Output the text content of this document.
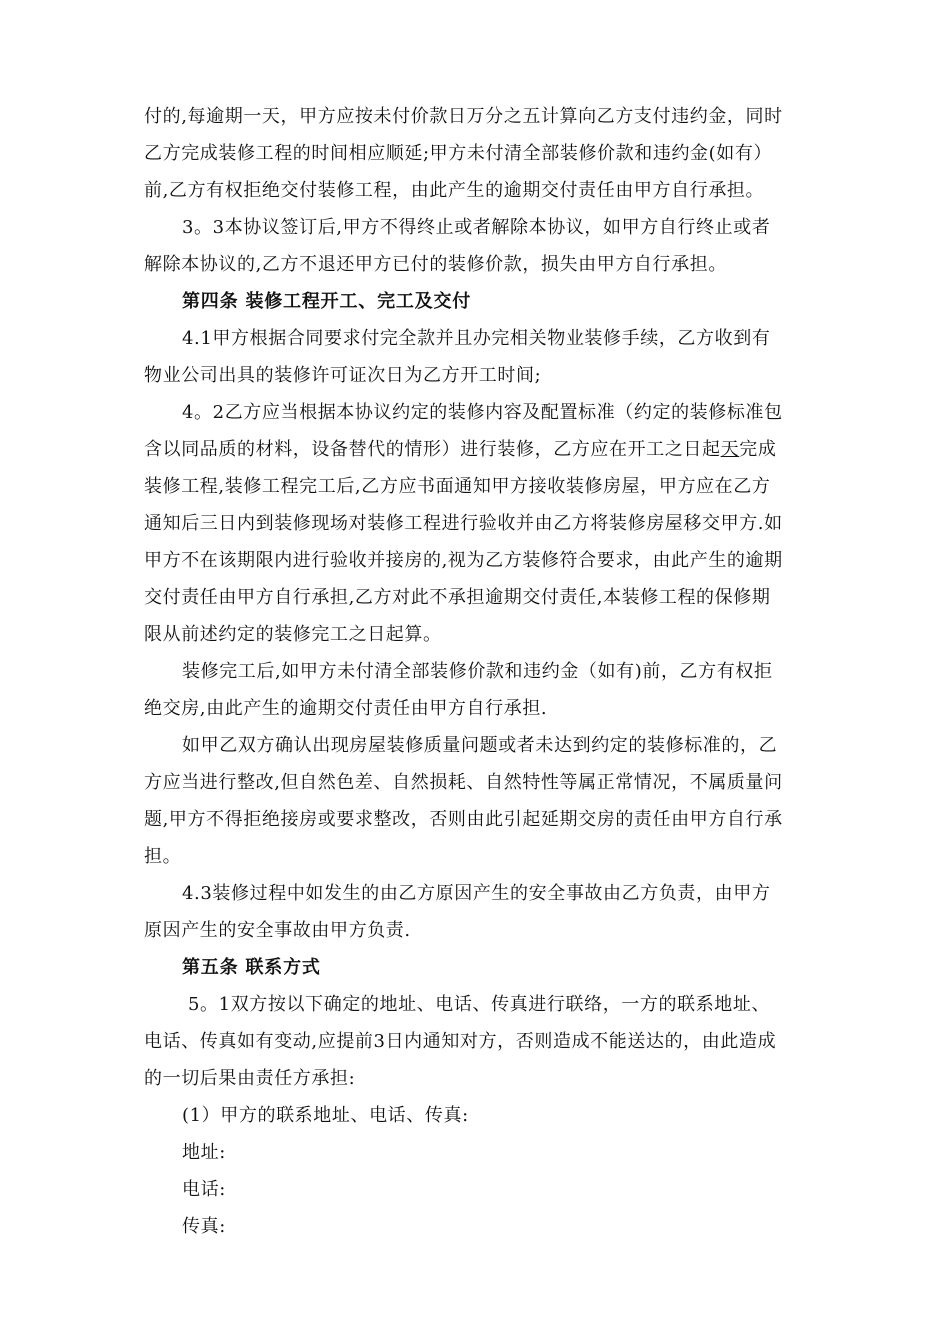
付的,每逾期一天，甲方应按未付价款日万分之五计算向乙方支付违约金，同时
乙方完成装修工程的时间相应顺延;甲方未付清全部装修价款和违约金(如有）
前,乙方有权拒绝交付装修工程，由此产生的逾期交付责任由甲方自行承担。
3。3本协议签订后,甲方不得终止或者解除本协议，如甲方自行终止或者
解除本协议的,乙方不退还甲方已付的装修价款，损失由甲方自行承担。
第四条 装修工程开工、完工及交付
4.1甲方根据合同要求付完全款并且办完相关物业装修手续，乙方收到有
物业公司出具的装修许可证次日为乙方开工时间;
4。2乙方应当根据本协议约定的装修内容及配置标准（约定的装修标准包
含以同品质的材料，设备替代的情形）进行装修，乙方应在开工之日起天完成
装修工程,装修工程完工后,乙方应书面通知甲方接收装修房屋，甲方应在乙方
通知后三日内到装修现场对装修工程进行验收并由乙方将装修房屋移交甲方.如
甲方不在该期限内进行验收并接房的,视为乙方装修符合要求，由此产生的逾期
交付责任由甲方自行承担,乙方对此不承担逾期交付责任,本装修工程的保修期
限从前述约定的装修完工之日起算。
装修完工后,如甲方未付清全部装修价款和违约金（如有)前，乙方有权拒
绝交房,由此产生的逾期交付责任由甲方自行承担.
如甲乙双方确认出现房屋装修质量问题或者未达到约定的装修标准的，乙
方应当进行整改,但自然色差、自然损耗、自然特性等属正常情况，不属质量问
题,甲方不得拒绝接房或要求整改，否则由此引起延期交房的责任由甲方自行承
担。
4.3装修过程中如发生的由乙方原因产生的安全事故由乙方负责，由甲方
原因产生的安全事故由甲方负责.
第五条 联系方式
5。1双方按以下确定的地址、电话、传真进行联络，一方的联系地址、
电话、传真如有变动,应提前3日内通知对方，否则造成不能送达的，由此造成
的一切后果由责任方承担:
(1）甲方的联系地址、电话、传真:
地址:
电话:
传真:
